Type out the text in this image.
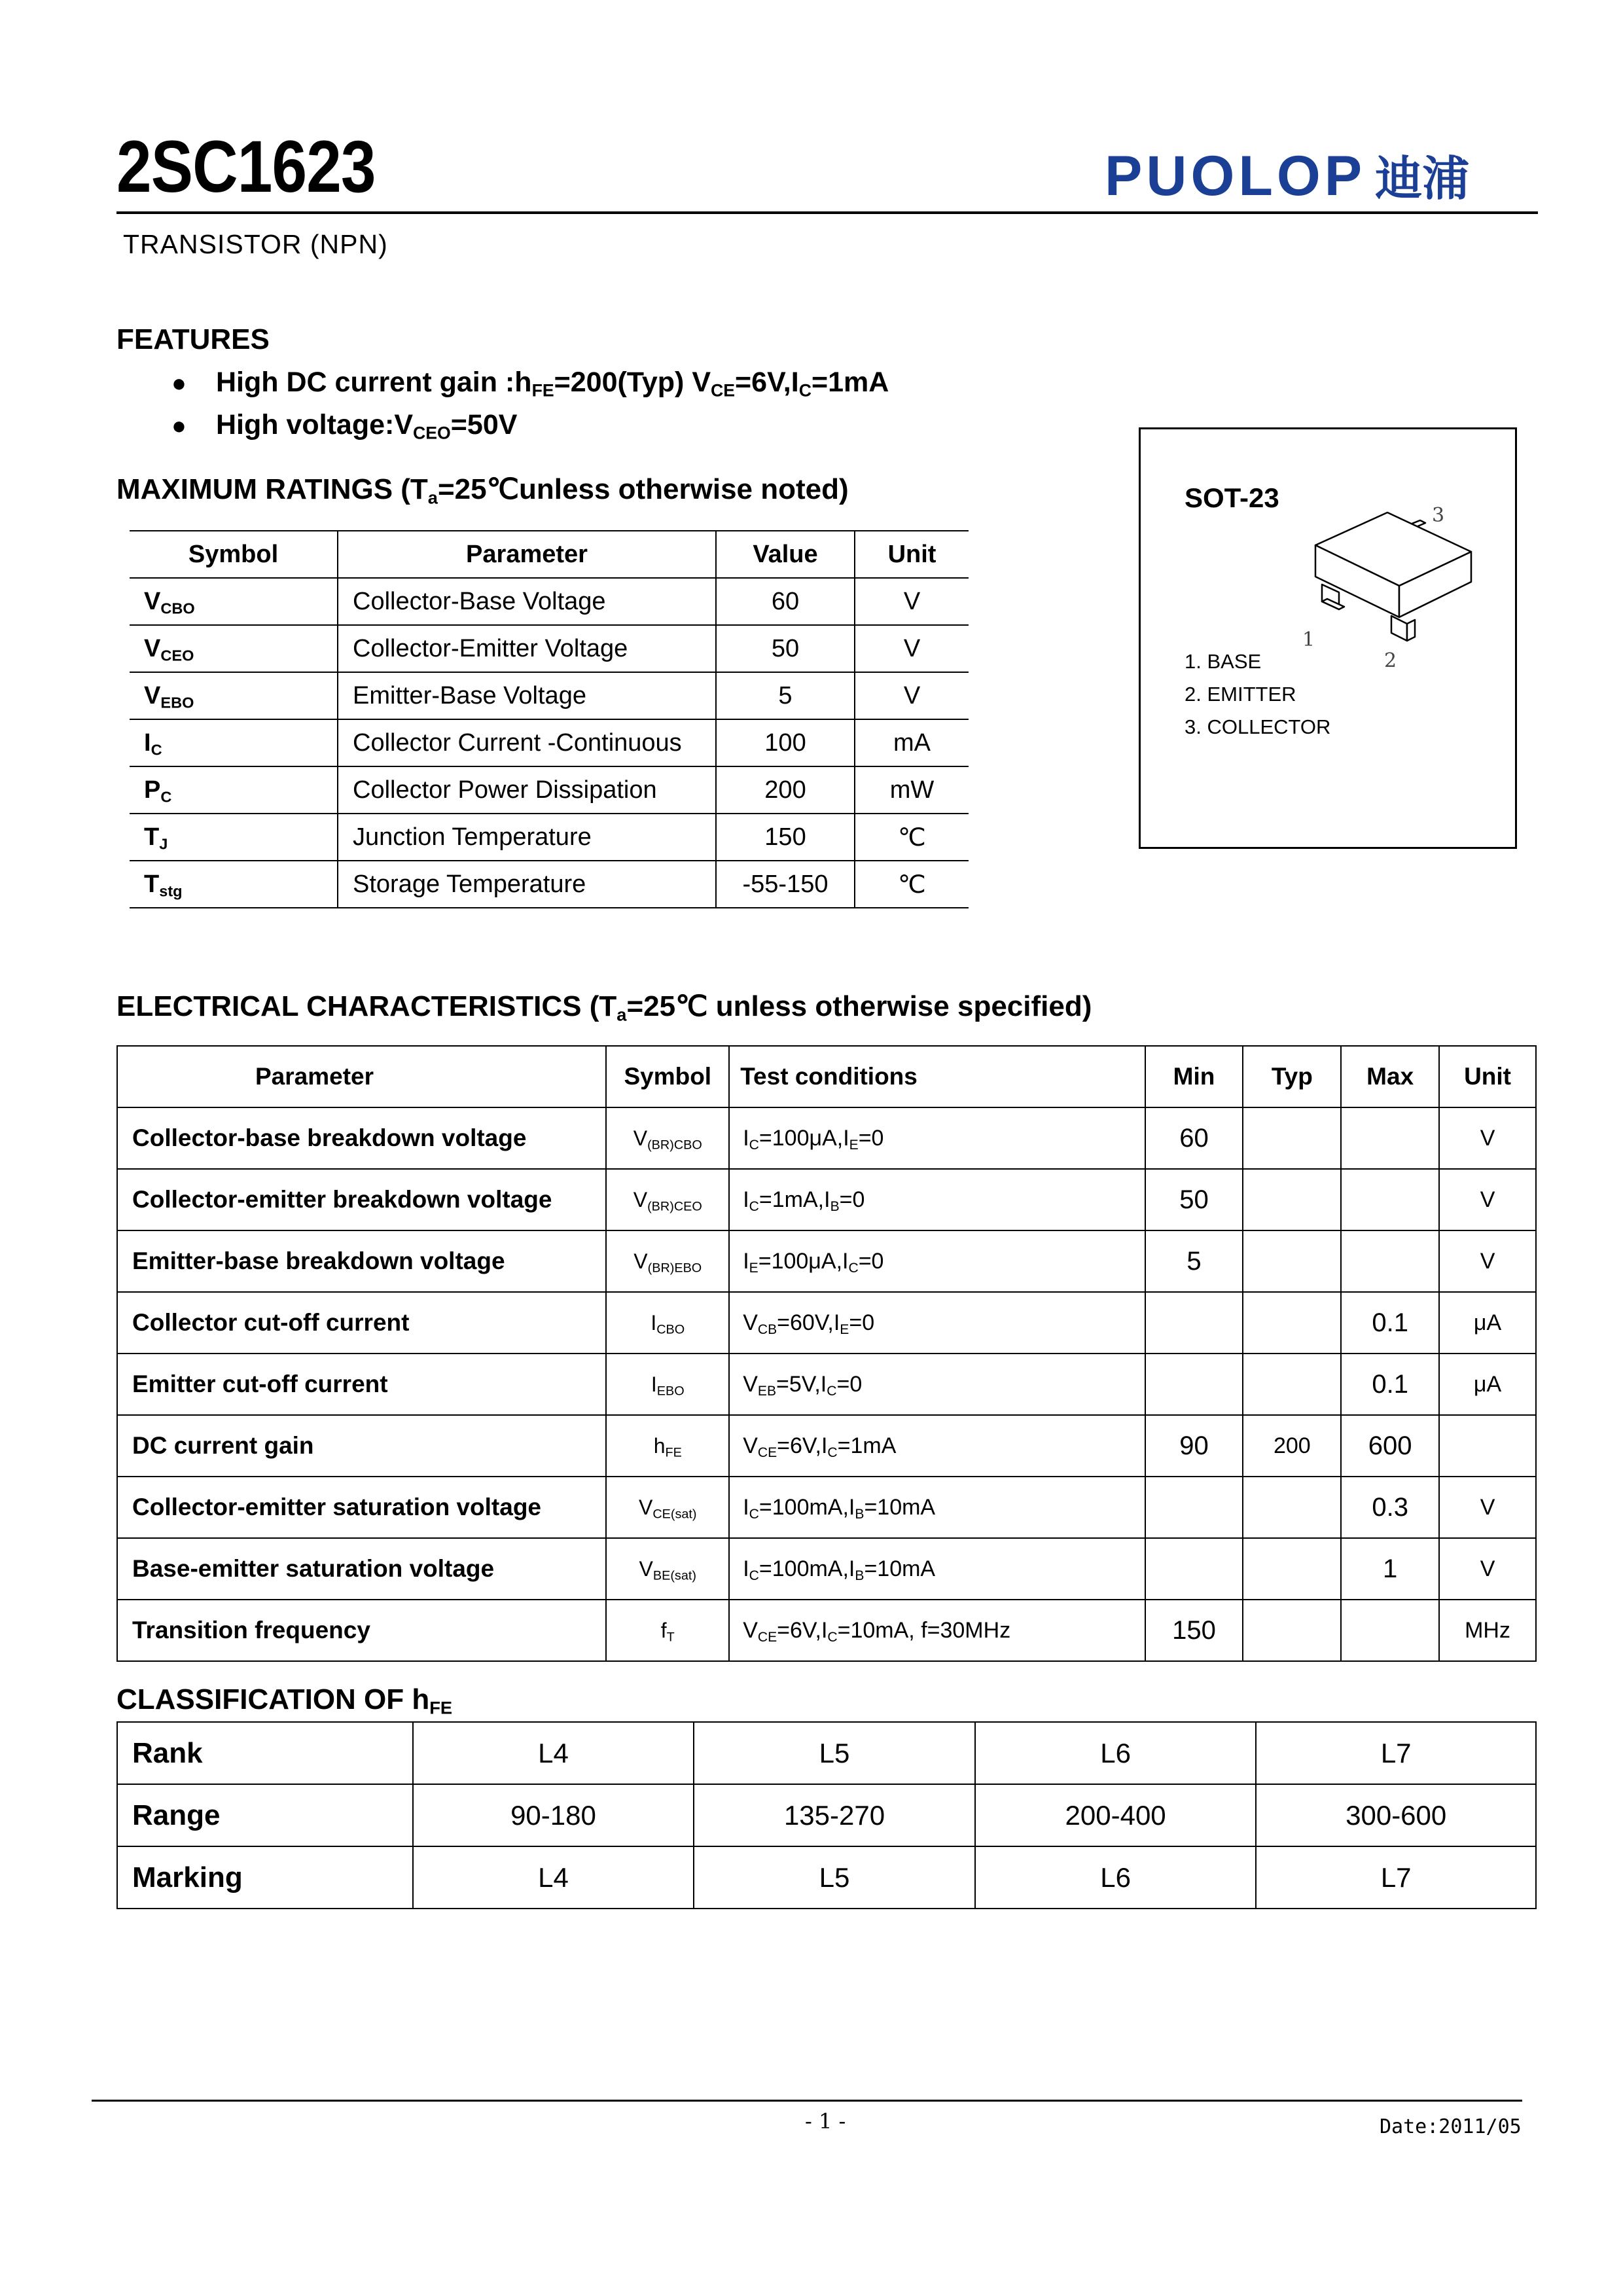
2SC1623	PUOLOP 迪浦
TRANSISTOR (NPN)
FEATURES
● High DC current gain $:h_{FE}=200(Typ)$ $V_{CE}=6V,I_C=1mA$
● High $voltage:V_{CEO}=50V$
MAXIMUM RATINGS ($T_a=25℃unless$ otherwise noted)
Symbol	Parameter	Value	Unit
$V_{CBO}$	Collector-Base Voltage	60	V
$V_{CEO}$	Collector-Emitter Voltage	50	V
$V_{EBO}$	Emitter-Base Voltage	5	V
$I_C$	Collector Current -Continuous	100	mA
$P_C$	Collector Power Dissipation	200	mW
$T_J$	Junction Temperature	150	℃
$T_{stg}$	Storage Temperature	-55-150	℃
SOT-23
3
1
2
1. BASE
2. EMITTER
3. COLLECTOR
ELECTRICAL CHARACTERISTICS ($T_a=25℃$ unless otherwise specified)
Parameter	Symbol	Test conditions	Min	Typ	Max	Unit
Collector-base breakdown voltage	$V_{(BR)CBO}$	$I_C=100\mu A,I_E=0$	60			V
Collector-emitter breakdown voltage	$V_{(BR)CEO}$	$I_C=1mA,I_B=0$	50			V
Emitter-base breakdown voltage	$V_{(BR)EBO}$	$I_E=100\mu A,I_C=0$	5			V
Collector cut-off current	$I_{CBO}$	$V_{CB}=60V,I_E=0$			0.1	μA
Emitter cut-off current	$I_{EBO}$	$V_{EB}=5V,I_C=0$			0.1	μA
DC current gain	$h_{FE}$	$V_{CE}=6V,I_C=1mA$	90	200	600	
Collector-emitter saturation voltage	$V_{CE(sat)}$	$I_C=100mA,I_B=10mA$			0.3	V
Base-emitter saturation voltage	$V_{BE(sat)}$	$I_C=100mA,I_B=10mA$			1	V
Transition frequency	$f_T$	$V_{CE}=6V,I_C=10mA$, f=30MHz	150			MHz
CLASSIFICATION OF $h_{FE}$
Rank	L4	L5	L6	L7
Range	90-180	135-270	200-400	300-600
Marking	L4	L5	L6	L7
- 1 -	Date:2011/05
